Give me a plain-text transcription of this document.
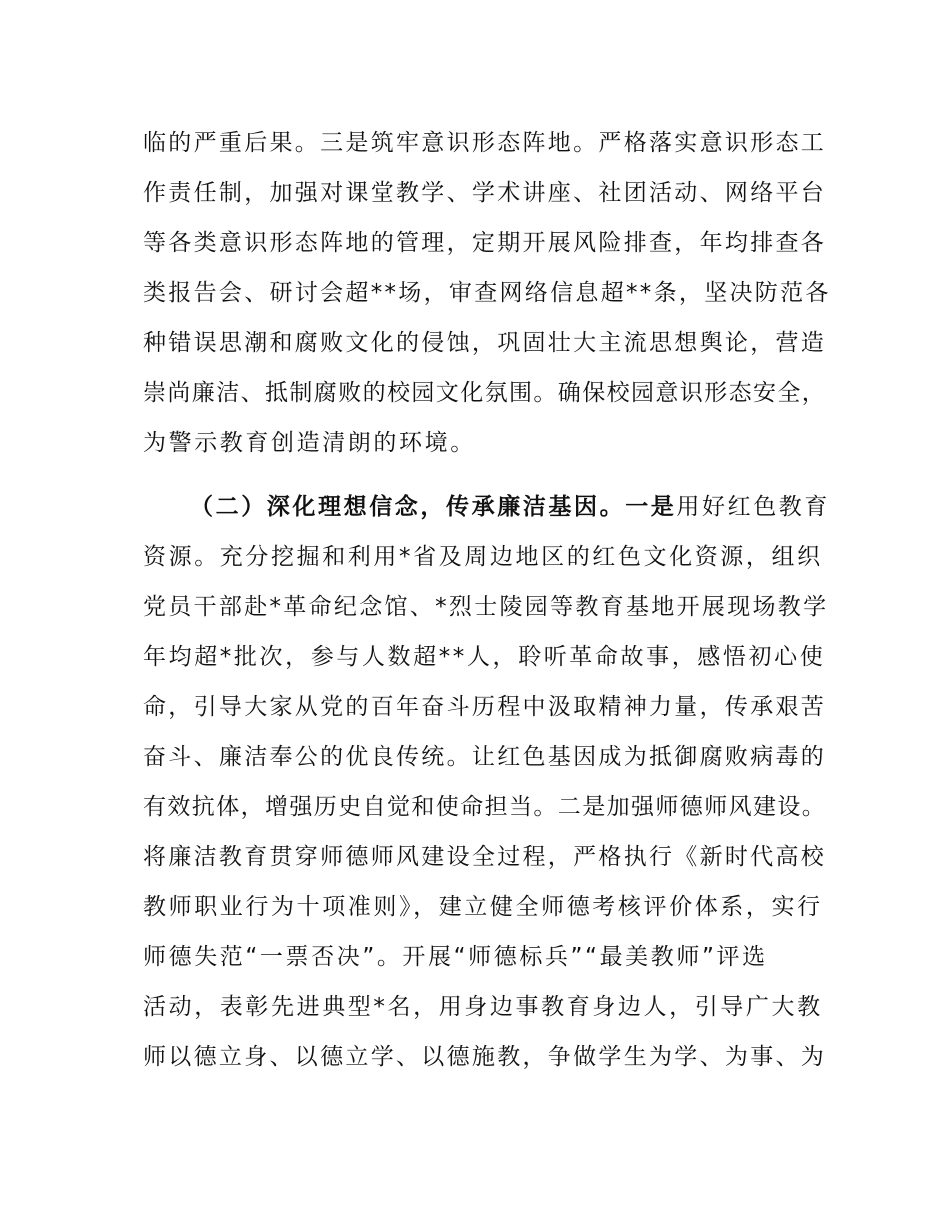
临的严重后果。三是筑牢意识形态阵地。严格落实意识形态工
作责任制，加强对课堂教学、学术讲座、社团活动、网络平台
等各类意识形态阵地的管理，定期开展风险排查，年均排查各
类报告会、研讨会超**场，审查网络信息超**条，坚决防范各
种错误思潮和腐败文化的侵蚀，巩固壮大主流思想舆论，营造
崇尚廉洁、抵制腐败的校园文化氛围。确保校园意识形态安全，
为警示教育创造清朗的环境。
（二）深化理想信念，传承廉洁基因。一是用好红色教育
资源。充分挖掘和利用*省及周边地区的红色文化资源，组织
党员干部赴*革命纪念馆、*烈士陵园等教育基地开展现场教学
年均超*批次，参与人数超**人，聆听革命故事，感悟初心使
命，引导大家从党的百年奋斗历程中汲取精神力量，传承艰苦
奋斗、廉洁奉公的优良传统。让红色基因成为抵御腐败病毒的
有效抗体，增强历史自觉和使命担当。二是加强师德师风建设。
将廉洁教育贯穿师德师风建设全过程，严格执行《新时代高校
教师职业行为十项准则》，建立健全师德考核评价体系，实行
师德失范“一票否决”。开展“师德标兵”“最美教师”评选
活动，表彰先进典型*名，用身边事教育身边人，引导广大教
师以德立身、以德立学、以德施教，争做学生为学、为事、为
